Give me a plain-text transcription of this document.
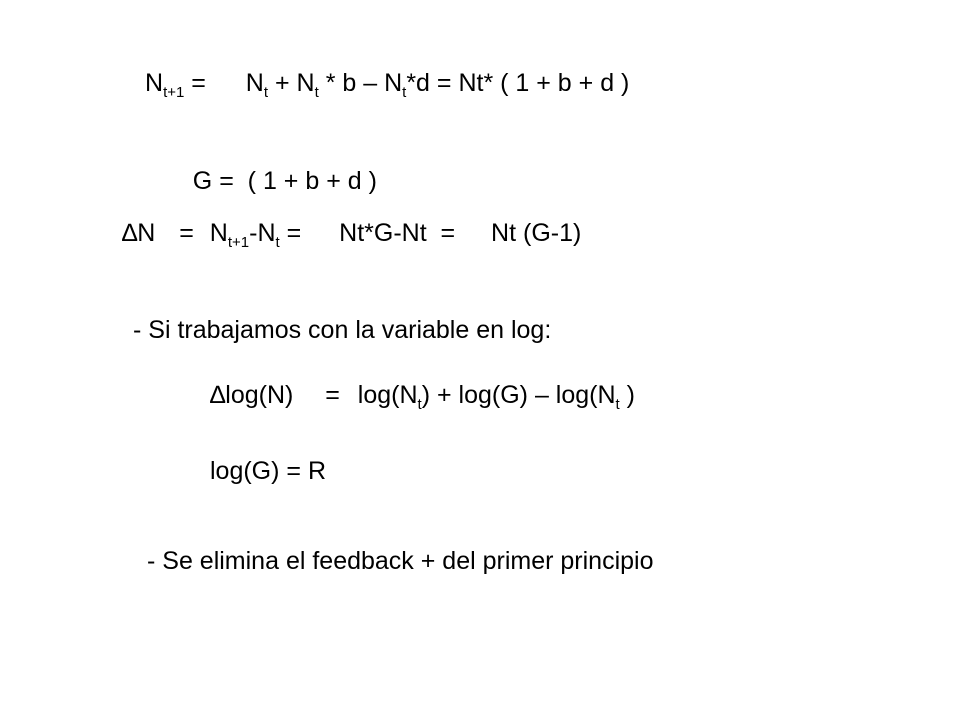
$N_{t+1} = N_t + N_t * b - N_t*d = Nt*$ ( 1 + b + d )

G =  ( 1 + b + d )

$\Delta N = N_{t+1}-N_t = Nt*G-Nt = Nt$ (G-1)
- Si trabajamos con la variable en log:
$\Delta\log(N) = \log(N_t) + \log(G) - \log(N_t$ )
log(G) = R
- Se elimina el feedback + del primer principio
